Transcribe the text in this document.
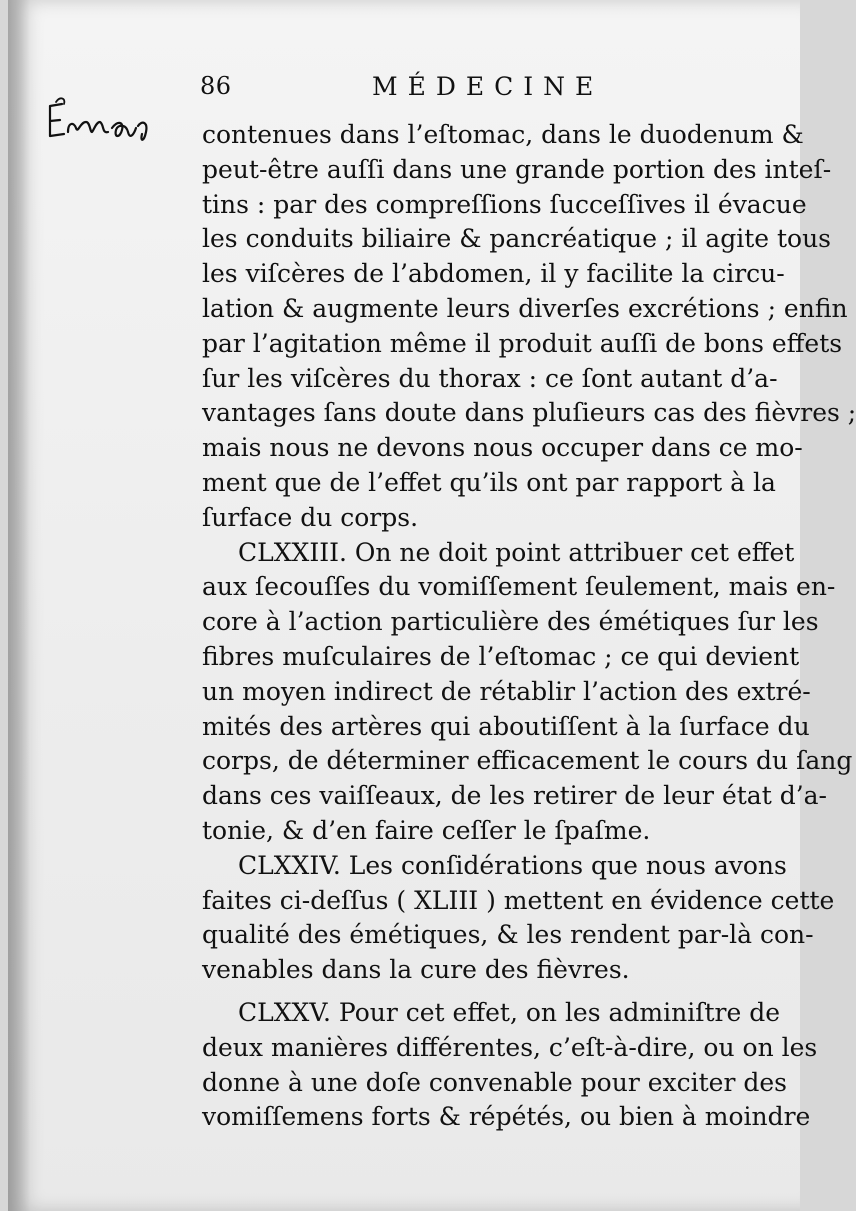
86	MÉDECINE
contenues dans l’eſtomac, dans le duodenum &
peut-être auſſi dans une grande portion des inteſ-
tins : par des compreſſions ſucceſſives il évacue
les conduits biliaire & pancréatique ; il agite tous
les viſcères de l’abdomen, il y facilite la circu-
lation & augmente leurs diverſes excrétions ; enfin
par l’agitation même il produit auſſi de bons effets
ſur les viſcères du thorax : ce ſont autant d’a-
vantages ſans doute dans pluſieurs cas des fièvres ;
mais nous ne devons nous occuper dans ce mo-
ment que de l’effet qu’ils ont par rapport à la
ſurface du corps.
CLXXIII. On ne doit point attribuer cet effet
aux ſecouſſes du vomiſſement ſeulement, mais en-
core à l’action particulière des émétiques ſur les
fibres muſculaires de l’eſtomac ; ce qui devient
un moyen indirect de rétablir l’action des extré-
mités des artères qui aboutiſſent à la ſurface du
corps, de déterminer efficacement le cours du ſang
dans ces vaiſſeaux, de les retirer de leur état d’a-
tonie, & d’en faire ceſſer le ſpaſme.
CLXXIV. Les conſidérations que nous avons
faites ci-deſſus ( XLIII ) mettent en évidence cette
qualité des émétiques, & les rendent par-là con-
venables dans la cure des fièvres.
CLXXV. Pour cet effet, on les adminiſtre de
deux manières différentes, c’eſt-à-dire, ou on les
donne à une doſe convenable pour exciter des
vomiſſemens forts & répétés, ou bien à moindre
